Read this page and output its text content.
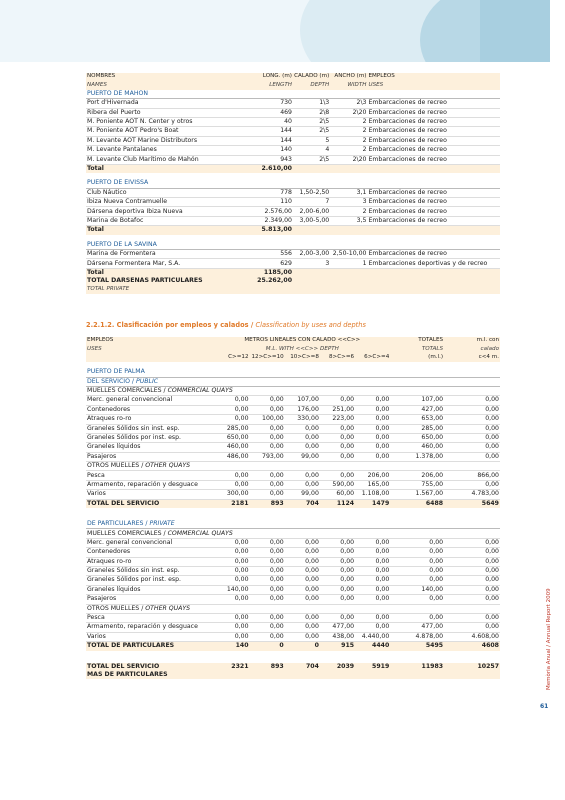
NOMBRES	LONG. (m)	CALADO (m)	ANCHO (m)	EMPLEOS
NAMES	LENGTH	DEPTH	WIDTH	USES
PUERTO DE MAHÓN				
Port d'Hivernada	730	1\3	2\3	Embarcaciones de recreo
Ribera del Puerto	469	2\8	2\20	Embarcaciones de recreo
M. Poniente AOT N. Center y otros	40	2\5	2	Embarcaciones de recreo
M. Poniente AOT Pedro's Boat	144	2\5	2	Embarcaciones de recreo
M. Levante AOT Marine Distributors	144	5	2	Embarcaciones de recreo
M. Levante Pantalanes	140	4	2	Embarcaciones de recreo
M. Levante Club Marítimo de Mahón	943	2\5	2\20	Embarcaciones de recreo
Total	2.610,00			

PUERTO DE EIVISSA				
Club Náutico	778	1,50-2,50	3,1	Embarcaciones de recreo
Ibiza Nueva Contramuelle	110	7	3	Embarcaciones de recreo
Dársena deportiva Ibiza Nueva	2.576,00	2,00-6,00	2	Embarcaciones de recreo
Marina de Botafoc	2.349,00	3,00-5,00	3,5	Embarcaciones de recreo
Total	5.813,00			

PUERTO DE LA SAVINA				
Marina de Formentera	556	2,00-3,00	2,50-10,00	Embarcaciones de recreo
Dársena Formentera Mar, S.A.	629	3	1	Embarcaciones deportivas y de recreo
Total	1185,00			
TOTAL DARSENAS PARTICULARES	25.262,00			
TOTAL PRIVATE				
2.2.1.2. Clasificación por empleos y calados / Classification by uses and depths
EMPLEOS	METROS LINEALES CON CALADO <<C>>					TOTALES	m.l. con
USES	M.L. WITH <<C>> DEPTH					TOTALS	calado
	C>=12	12>C>=10	10>C>=8	8>C>=6	6>C>=4	(m.l.)	c<4 m.

PUERTO DE PALMA							
DEL SERVICIO / PUBLIC							
MUELLES COMERCIALES / COMMERCIAL QUAYS							
Merc. general convencional	0,00	0,00	107,00	0,00	0,00	107,00	0,00
Contenedores	0,00	0,00	176,00	251,00	0,00	427,00	0,00
Atraques ro-ro	0,00	100,00	330,00	223,00	0,00	653,00	0,00
Graneles Sólidos sin inst. esp.	285,00	0,00	0,00	0,00	0,00	285,00	0,00
Graneles Sólidos por inst. esp.	650,00	0,00	0,00	0,00	0,00	650,00	0,00
Graneles líquidos	460,00	0,00	0,00	0,00	0,00	460,00	0,00
Pasajeros	486,00	793,00	99,00	0,00	0,00	1.378,00	0,00
OTROS MUELLES / OTHER QUAYS							
Pesca	0,00	0,00	0,00	0,00	206,00	206,00	866,00
Armamento, reparación y desguace	0,00	0,00	0,00	590,00	165,00	755,00	0,00
Varios	300,00	0,00	99,00	60,00	1.108,00	1.567,00	4.783,00
TOTAL DEL SERVICIO	2181	893	704	1124	1479	6488	5649

DE PARTICULARES / PRIVATE							
MUELLES COMERCIALES / COMMERCIAL QUAYS							
Merc. general convencional	0,00	0,00	0,00	0,00	0,00	0,00	0,00
Contenedores	0,00	0,00	0,00	0,00	0,00	0,00	0,00
Atraques ro-ro	0,00	0,00	0,00	0,00	0,00	0,00	0,00
Graneles Sólidos sin inst. esp.	0,00	0,00	0,00	0,00	0,00	0,00	0,00
Graneles Sólidos por inst. esp.	0,00	0,00	0,00	0,00	0,00	0,00	0,00
Graneles líquidos	140,00	0,00	0,00	0,00	0,00	140,00	0,00
Pasajeros	0,00	0,00	0,00	0,00	0,00	0,00	0,00
OTROS MUELLES / OTHER QUAYS							
Pesca	0,00	0,00	0,00	0,00	0,00	0,00	0,00
Armamento, reparación y desguace	0,00	0,00	0,00	477,00	0,00	477,00	0,00
Varios	0,00	0,00	0,00	438,00	4.440,00	4.878,00	4.608,00
TOTAL DE PARTICULARES	140	0	0	915	4440	5495	4608

TOTAL DEL SERVICIO	2321	893	704	2039	5919	11983	10257
MAS DE PARTICULARES								Memòria Anual / Annual Report 2009
61
